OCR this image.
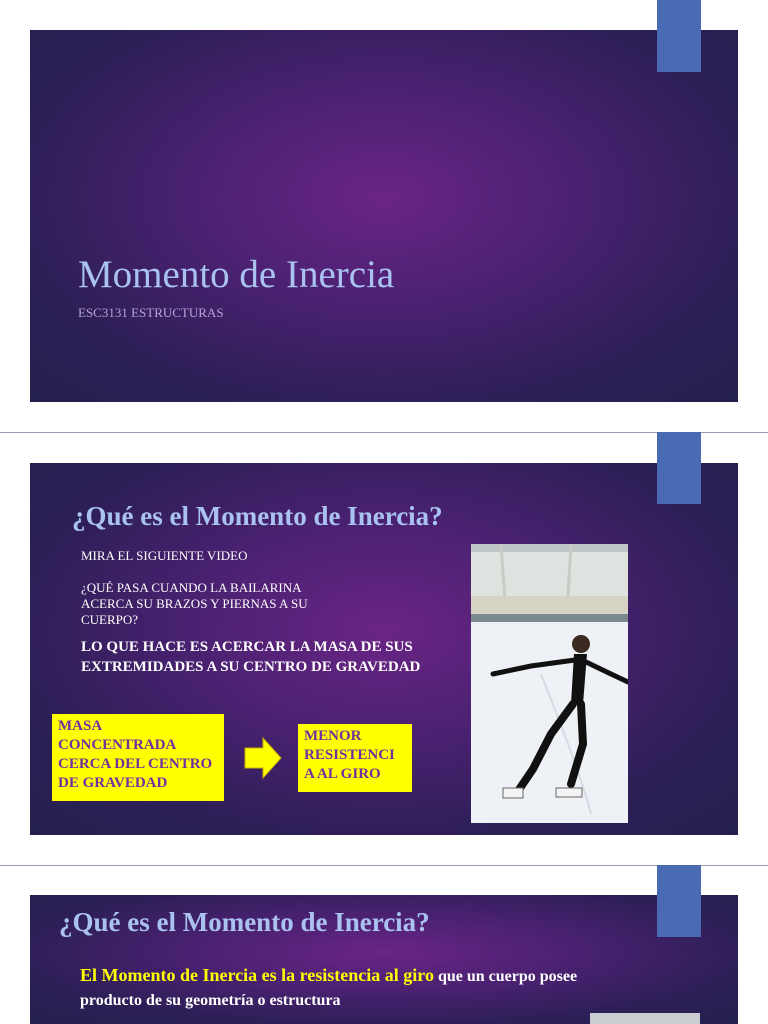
Momento de Inercia

ESC3131 ESTRUCTURAS

¿Qué es el Momento de Inercia?

MIRA EL SIGUIENTE VIDEO

¿QUÉ PASA CUANDO LA BAILARINA ACERCA SU BRAZOS Y PIERNAS A SU CUERPO?

LO QUE HACE ES ACERCAR LA MASA DE SUS EXTREMIDADES A SU CENTRO DE GRAVEDAD

MASA CONCENTRADA CERCA DEL CENTRO DE GRAVEDAD
MENOR RESISTENCI A AL GIRO
¿Qué es el Momento de Inercia?

El Momento de Inercia es la resistencia al giro que un cuerpo posee producto de su geometría o estructura
